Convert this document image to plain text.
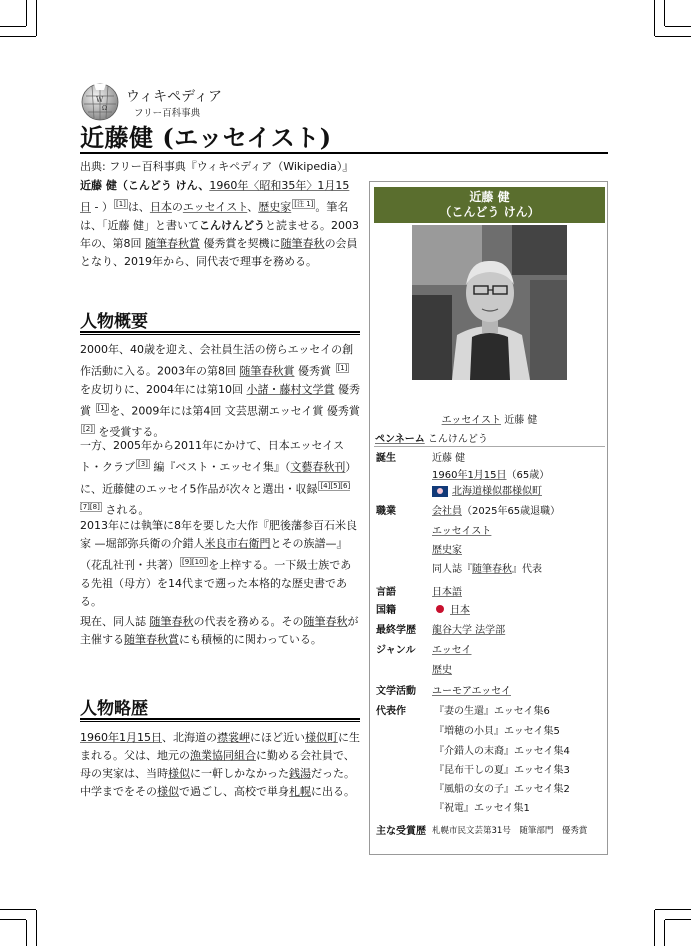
W
Ω
ウィキペディア
フリー百科事典
近藤健 (エッセイスト)
出典: フリー百科事典『ウィキペディア（Wikipedia）』
近藤 健（こんどう けん、1960年〈昭和35年〉1月15日 - ） [1] は、日本のエッセイスト、歴史家 [注 1] 。筆名は、「近藤 健」と書いてこんけんどうと読ませる。2003年の、第8回 随筆春秋賞 優秀賞を契機に随筆春秋の会員となり、2019年から、同代表で理事を務める。
人物概要
2000年、40歳を迎え、会社員生活の傍らエッセイの創作活動に入る。2003年の第8回 随筆春秋賞 優秀賞 [1]を皮切りに、2004年には第10回 小諸・藤村文学賞 優秀賞 [1] を、2009年には第4回 文芸思潮エッセイ賞 優秀賞[2] を受賞する。
一方、2005年から2011年にかけて、日本エッセイスト・クラブ [3] 編『ベスト・エッセイ集』（文藝春秋刊）に、近藤健のエッセイ5作品が次々と選出・収録 [4][5][6][7][8] される。
2013年には執筆に8年を要した大作『肥後藩参百石米良家 —堀部弥兵衛の介錯人米良市右衛門とその族譜—』（花乱社刊・共著） [9][10] を上梓する。一下級士族である先祖（母方）を14代まで遡った本格的な歴史書である。
現在、同人誌 随筆春秋の代表を務める。その随筆春秋が主催する随筆春秋賞にも積極的に関わっている。
人物略歴
1960年1月15日、北海道の襟裳岬にほど近い様似町に生まれる。父は、地元の漁業協同組合に勤める会社員で、母の実家は、当時様似に一軒しかなかった銭湯だった。中学までをその様似で過ごし、高校で単身札幌に出る。
近藤 健
（こんどう けん）
エッセイスト 近藤 健
ペンネーム こんけんどう
誕生	近藤 健
1960年1月15日（65歳）
北海道様似郡様似町
職業	会社員（2025年65歳退職）
エッセイスト
歴史家
同人誌『随筆春秋』代表
言語	日本語
国籍	日本
最終学歴 龍谷大学 法学部
ジャンル エッセイ
歴史
文学活動 ユーモアエッセイ
代表作	『妻の生還』エッセイ集6
『増穂の小貝』エッセイ集5
『介錯人の末裔』エッセイ集4
『昆布干しの夏』エッセイ集3
『風船の女の子』エッセイ集2
『祝電』エッセイ集1
主な受賞歴 札幌市民文芸第31号　随筆部門　優秀賞
